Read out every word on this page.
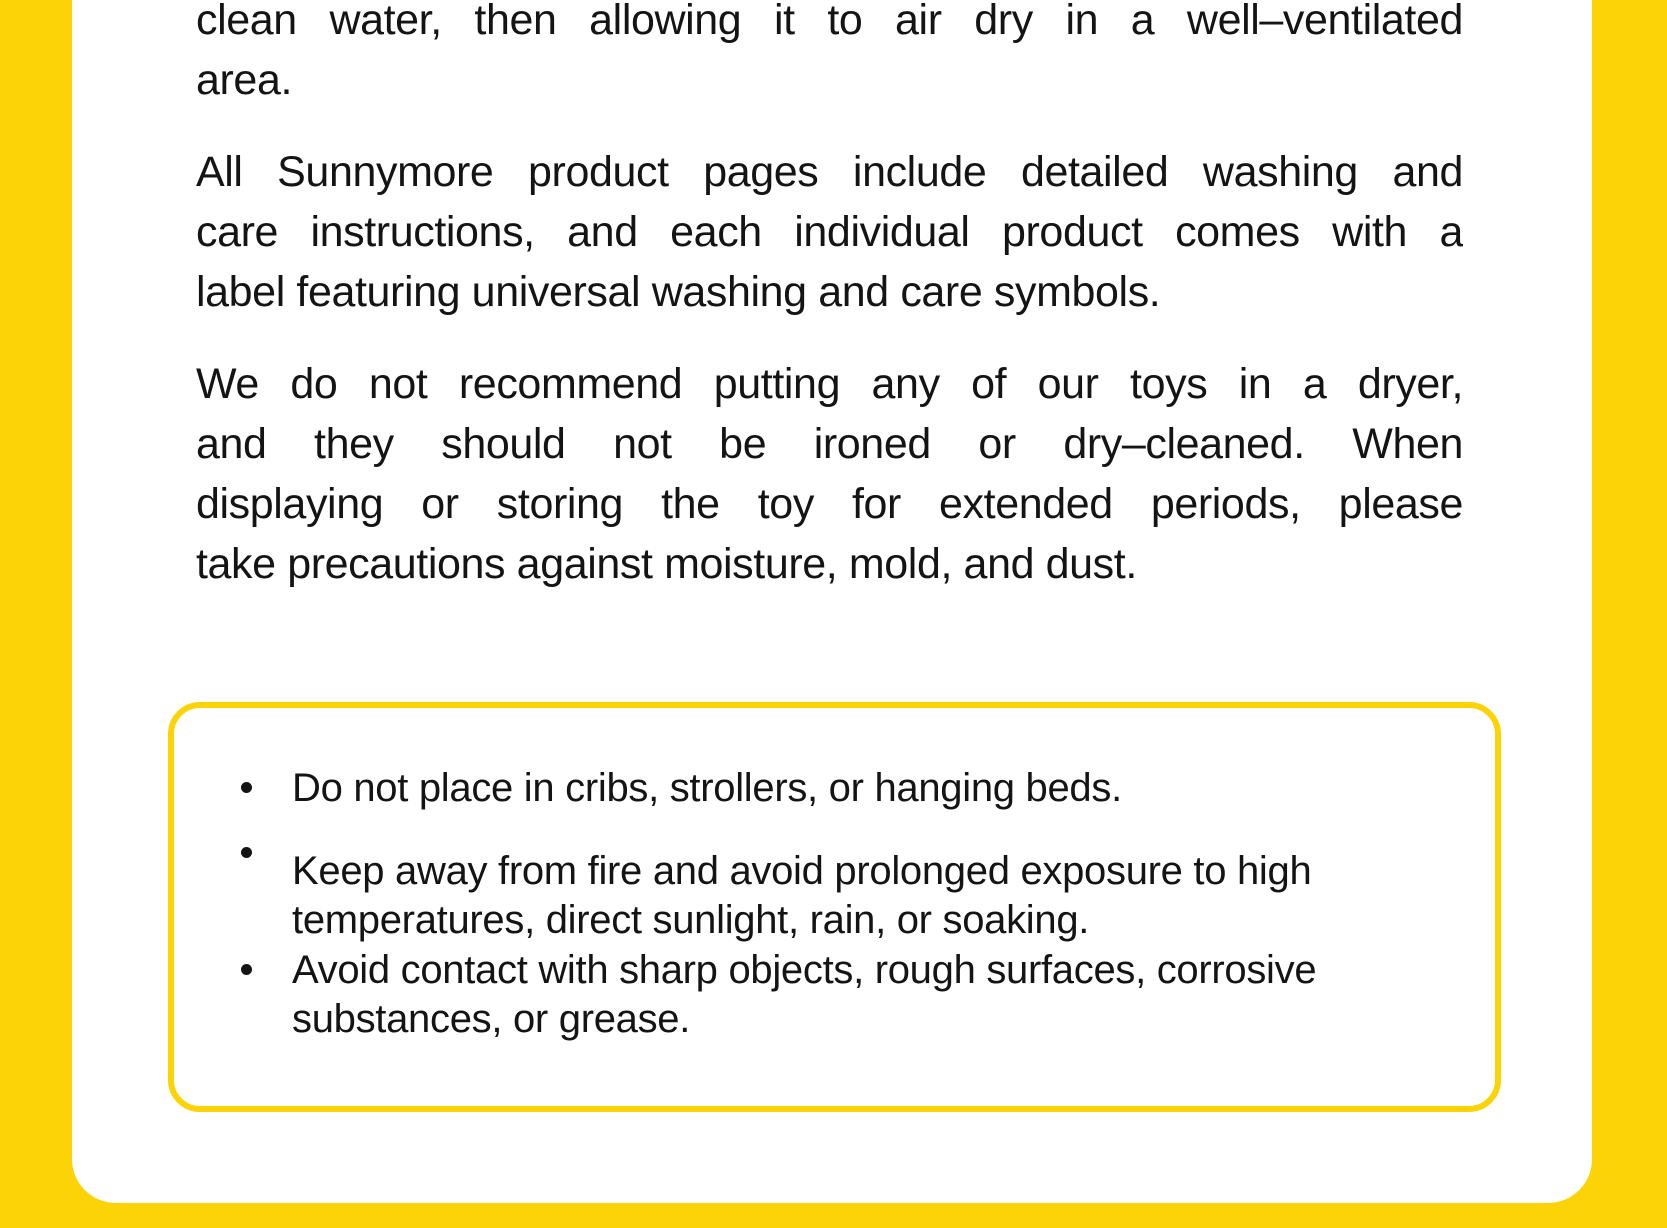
clean water, then allowing it to air dry in a well–ventilated
area.
All Sunnymore product pages include detailed washing and
care instructions, and each individual product comes with a
label featuring universal washing and care symbols.
We do not recommend putting any of our toys in a dryer,
and they should not be ironed or dry–cleaned. When
displaying or storing the toy for extended periods, please
take precautions against moisture, mold, and dust.
Do not place in cribs, strollers, or hanging beds.
Keep away from fire and avoid prolonged exposure to high
temperatures, direct sunlight, rain, or soaking.
Avoid contact with sharp objects, rough surfaces, corrosive
substances, or grease.
